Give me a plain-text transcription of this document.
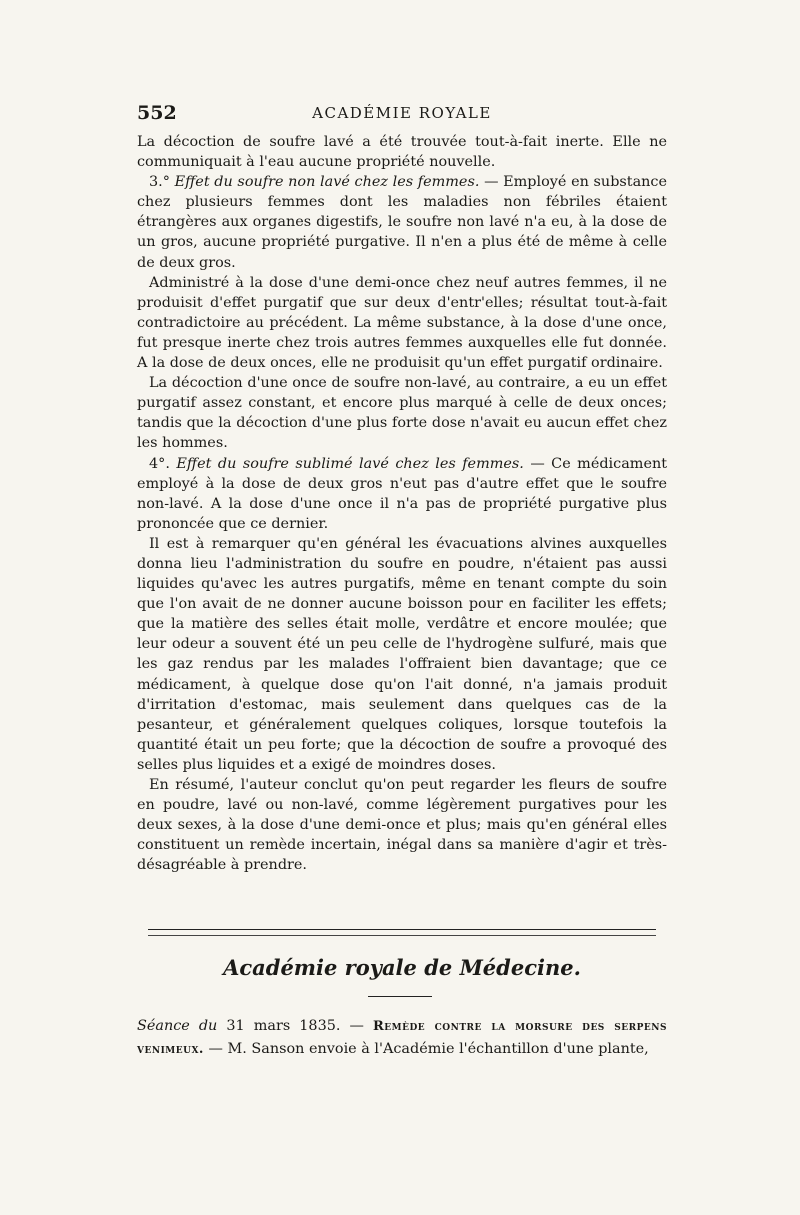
552	ACADÉMIE ROYALE

La décoction de soufre lavé a été trouvée tout-à-fait inerte. Elle ne communiquait à l'eau aucune propriété nouvelle.

3.° Effet du soufre non lavé chez les femmes. — Employé en substance chez plusieurs femmes dont les maladies non fébriles étaient étrangères aux organes digestifs, le soufre non lavé n'a eu, à la dose de un gros, aucune propriété purgative. Il n'en a plus été de même à celle de deux gros.

Administré à la dose d'une demi-once chez neuf autres femmes, il ne produisit d'effet purgatif que sur deux d'entr'elles; résultat tout-à-fait contradictoire au précédent. La même substance, à la dose d'une once, fut presque inerte chez trois autres femmes auxquelles elle fut donnée. A la dose de deux onces, elle ne produisit qu'un effet purgatif ordinaire.

La décoction d'une once de soufre non-lavé, au contraire, a eu un effet purgatif assez constant, et encore plus marqué à celle de deux onces; tandis que la décoction d'une plus forte dose n'avait eu aucun effet chez les hommes.

4°. Effet du soufre sublimé lavé chez les femmes. — Ce médicament employé à la dose de deux gros n'eut pas d'autre effet que le soufre non-lavé. A la dose d'une once il n'a pas de propriété purgative plus prononcée que ce dernier.

Il est à remarquer qu'en général les évacuations alvines auxquelles donna lieu l'administration du soufre en poudre, n'étaient pas aussi liquides qu'avec les autres purgatifs, même en tenant compte du soin que l'on avait de ne donner aucune boisson pour en faciliter les effets; que la matière des selles était molle, verdâtre et encore moulée; que leur odeur a souvent été un peu celle de l'hydrogène sulfuré, mais que les gaz rendus par les malades l'offraient bien davantage; que ce médicament, à quelque dose qu'on l'ait donné, n'a jamais produit d'irritation d'estomac, mais seulement dans quelques cas de la pesanteur, et généralement quelques coliques, lorsque toutefois la quantité était un peu forte; que la décoction de soufre a provoqué des selles plus liquides et a exigé de moindres doses.

En résumé, l'auteur conclut qu'on peut regarder les fleurs de soufre en poudre, lavé ou non-lavé, comme légèrement purgatives pour les deux sexes, à la dose d'une demi-once et plus; mais qu'en général elles constituent un remède incertain, inégal dans sa manière d'agir et très-désagréable à prendre.

Académie royale de Médecine.
Séance du 31 mars 1835. — Remède contre la morsure des serpens venimeux. — M. Sanson envoie à l'Académie l'échantillon d'une plante,
